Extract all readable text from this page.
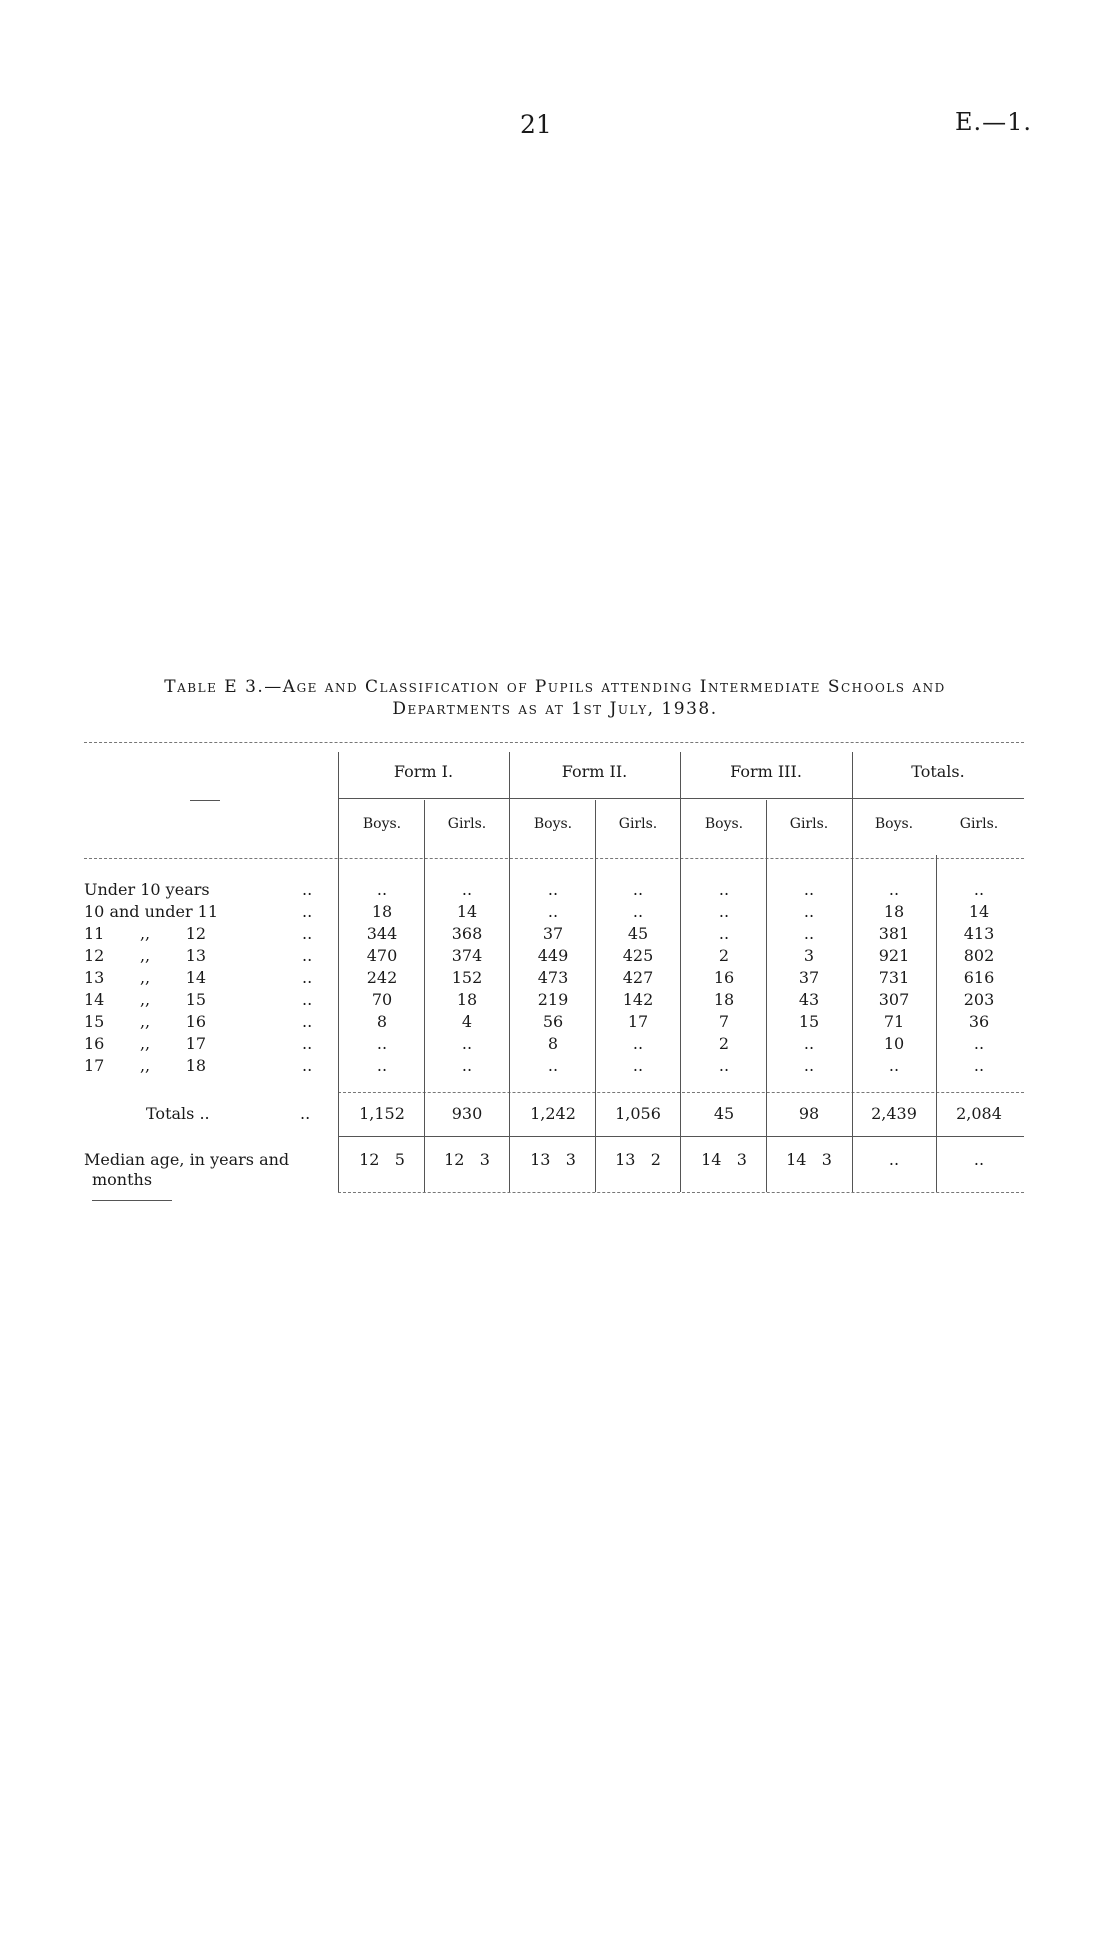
21	E.—1.
Table E 3.—Age and Classification of Pupils attending Intermediate Schools and
Departments as at 1st July, 1938.
Form I.	Form II.	Form III.	Totals.
Boys.	Girls.	Boys.	Girls.	Boys.	Girls.	Boys.	Girls.
Under 10 years	..	..	..	..	..	..	..	..	..
10 and under 11	..	18	14	..	..	..	..	18	14
11       ,,       12	..	344	368	37	45	..	..	381	413
12       ,,       13	..	470	374	449	425	2	3	921	802
13       ,,       14	..	242	152	473	427	16	37	731	616
14       ,,       15	..	70	18	219	142	18	43	307	203
15       ,,       16	..	8	4	56	17	7	15	71	36
16       ,,       17	..	..	..	8	..	2	..	10	..
17       ,,       18	..	..	..	..	..	..	..	..	..
Totals ..	..	1,152	930	1,242	1,056	45	98	2,439	2,084
Median age, in years and
months
12   5	12   3	13   3	13   2	14   3	14   3	..	..
